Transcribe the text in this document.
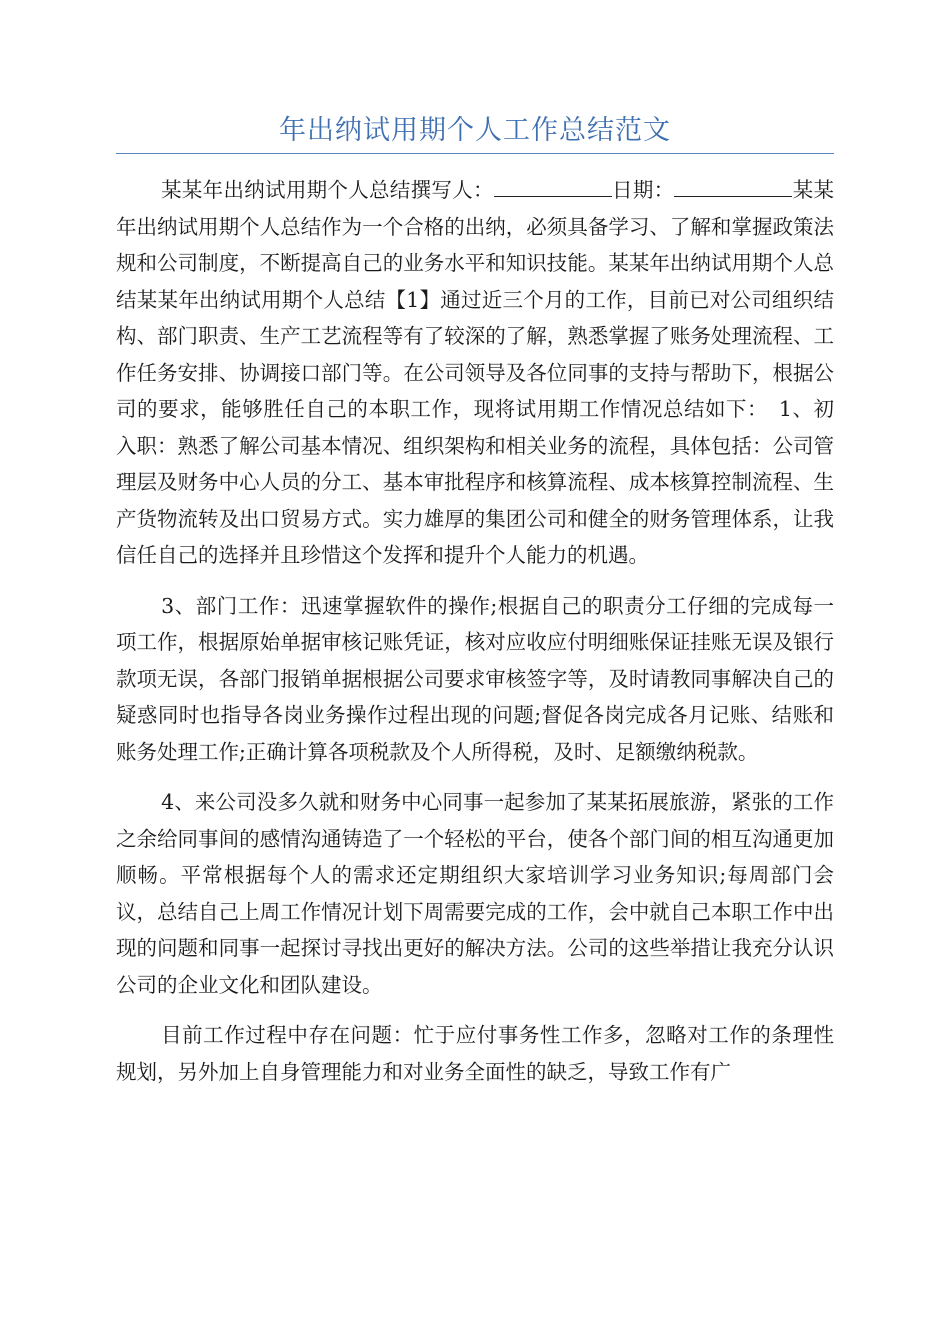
年出纳试用期个人工作总结范文

某某年出纳试用期个人总结撰写人：	日期：	某某年出纳试用期个人总结作为一个合格的出纳，必须具备学习、了解和掌握政策法规和公司制度，不断提高自己的业务水平和知识技能。某某年出纳试用期个人总结某某年出纳试用期个人总结【1】通过近三个月的工作，目前已对公司组织结构、部门职责、生产工艺流程等有了较深的了解，熟悉掌握了账务处理流程、工作任务安排、协调接口部门等。在公司领导及各位同事的支持与帮助下，根据公司的要求，能够胜任自己的本职工作，现将试用期工作情况总结如下：　1、初入职：熟悉了解公司基本情况、组织架构和相关业务的流程，具体包括：公司管理层及财务中心人员的分工、基本审批程序和核算流程、成本核算控制流程、生产货物流转及出口贸易方式。实力雄厚的集团公司和健全的财务管理体系，让我信任自己的选择并且珍惜这个发挥和提升个人能力的机遇。

3、部门工作：迅速掌握软件的操作;根据自己的职责分工仔细的完成每一项工作，根据原始单据审核记账凭证，核对应收应付明细账保证挂账无误及银行款项无误，各部门报销单据根据公司要求审核签字等，及时请教同事解决自己的疑惑同时也指导各岗业务操作过程出现的问题;督促各岗完成各月记账、结账和账务处理工作;正确计算各项税款及个人所得税，及时、足额缴纳税款。

4、来公司没多久就和财务中心同事一起参加了某某拓展旅游，紧张的工作之余给同事间的感情沟通铸造了一个轻松的平台，使各个部门间的相互沟通更加顺畅。平常根据每个人的需求还定期组织大家培训学习业务知识;每周部门会议，总结自己上周工作情况计划下周需要完成的工作，会中就自己本职工作中出现的问题和同事一起探讨寻找出更好的解决方法。公司的这些举措让我充分认识公司的企业文化和团队建设。

目前工作过程中存在问题：忙于应付事务性工作多，忽略对工作的条理性规划，另外加上自身管理能力和对业务全面性的缺乏，导致工作有广
